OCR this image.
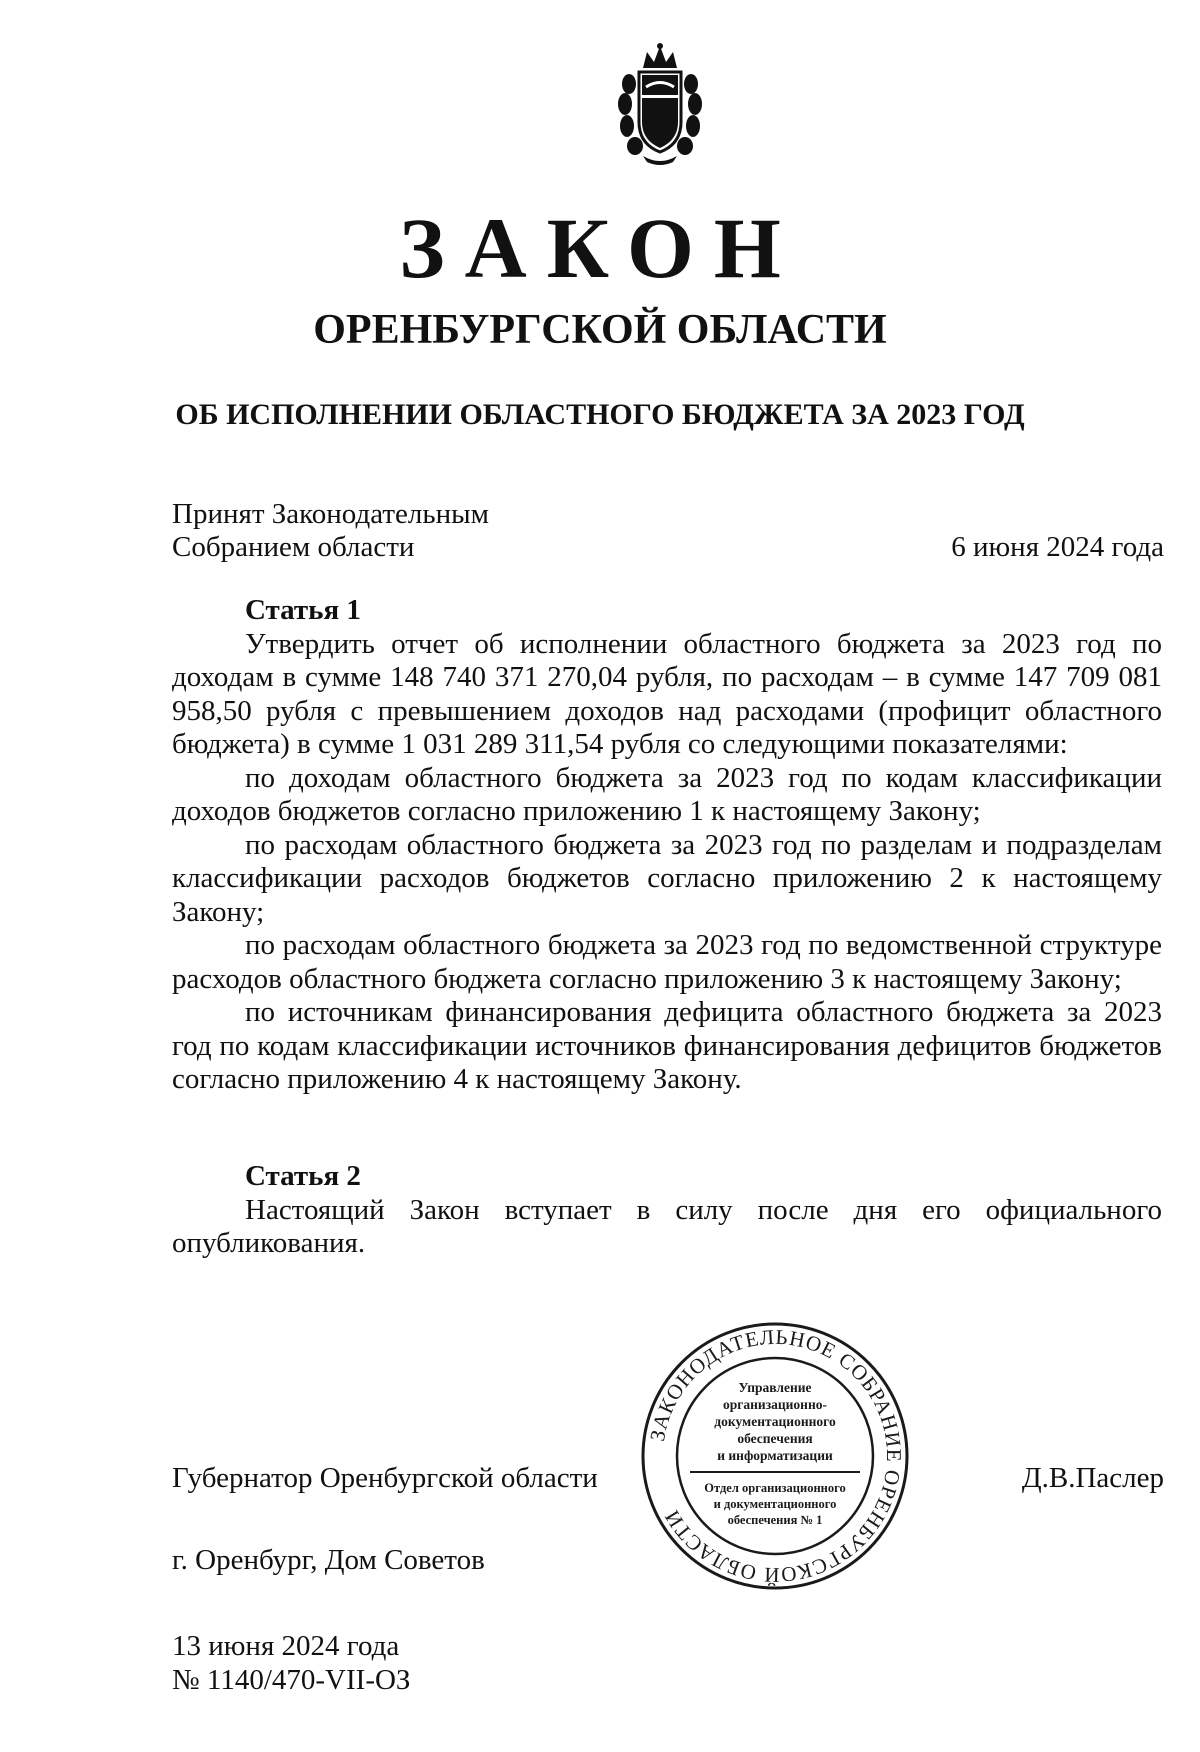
ЗАКОН
ОРЕНБУРГСКОЙ ОБЛАСТИ
ОБ ИСПОЛНЕНИИ ОБЛАСТНОГО БЮДЖЕТА ЗА 2023 ГОД
Принят Законодательным
Собранием области	6 июня 2024 года

Статья 1

Утвердить отчет об исполнении областного бюджета за 2023 год по доходам в сумме 148 740 371 270,04 рубля, по расходам – в сумме 147 709 081 958,50 рубля с превышением доходов над расходами (профицит областного бюджета) в сумме 1 031 289 311,54 рубля со следующими показателями:

по доходам областного бюджета за 2023 год по кодам классификации доходов бюджетов согласно приложению 1 к настоящему Закону;

по расходам областного бюджета за 2023 год по разделам и подразделам классификации расходов бюджетов согласно приложению 2 к настоящему Закону;

по расходам областного бюджета за 2023 год по ведомственной структуре расходов областного бюджета согласно приложению 3 к настоящему Закону;

по источникам финансирования дефицита областного бюджета за 2023 год по кодам классификации источников финансирования дефицитов бюджетов согласно приложению 4 к настоящему Закону.

Статья 2

Настоящий Закон вступает в силу после дня его официального опубликования.

Губернатор Оренбургской области	Д.В.Паслер
г. Оренбург, Дом Советов
13 июня 2024 года
№ 1140/470-VII-ОЗ
ЗАКОНОДАТЕЛЬНОЕ СОБРАНИЕ ОРЕНБУРГСКОЙ ОБЛАСТИ
Управление
организационно-
документационного
обеспечения
и информатизации
Отдел организационного
и документационного
обеспечения № 1
